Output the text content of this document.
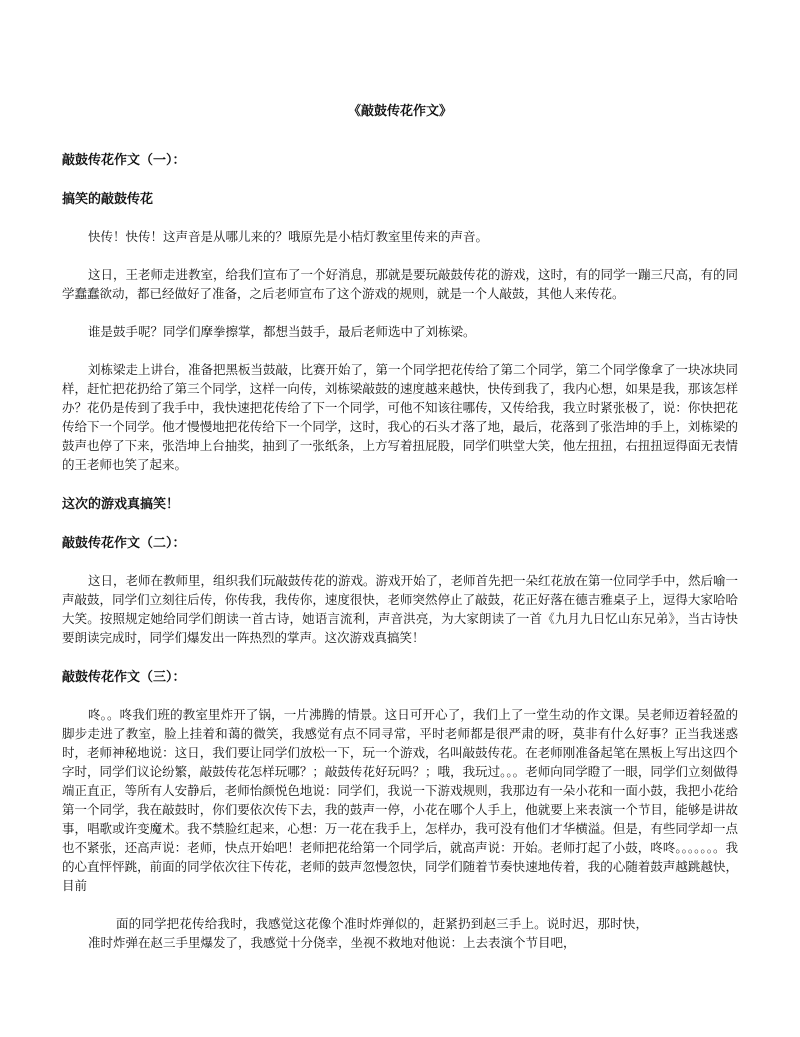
《敲鼓传花作文》
敲鼓传花作文（一）：
搞笑的敲鼓传花

快传！快传！这声音是从哪儿来的？哦原先是小桔灯教室里传来的声音。

这日，王老师走进教室，给我们宣布了一个好消息，那就是要玩敲鼓传花的游戏，这时，有的同学一蹦三尺高，有的同学蠢蠢欲动，都已经做好了准备，之后老师宣布了这个游戏的规则，就是一个人敲鼓，其他人来传花。

谁是鼓手呢？同学们摩拳擦掌，都想当鼓手，最后老师选中了刘栋梁。

刘栋梁走上讲台，准备把黑板当鼓敲，比赛开始了，第一个同学把花传给了第二个同学，第二个同学像拿了一块冰块同样，赶忙把花扔给了第三个同学，这样一向传，刘栋梁敲鼓的速度越来越快，快传到我了，我内心想，如果是我，那该怎样办？花仍是传到了我手中，我快速把花传给了下一个同学，可他不知该往哪传，又传给我，我立时紧张极了，说：你快把花传给下一个同学。他才慢慢地把花传给下一个同学，这时，我心的石头才落了地，最后，花落到了张浩坤的手上，刘栋梁的鼓声也停了下来，张浩坤上台抽奖，抽到了一张纸条，上方写着扭屁股，同学们哄堂大笑，他左扭扭，右扭扭逗得面无表情的王老师也笑了起来。

这次的游戏真搞笑！
敲鼓传花作文（二）：

这日，老师在教师里，组织我们玩敲鼓传花的游戏。游戏开始了，老师首先把一朵红花放在第一位同学手中，然后喻一声敲鼓，同学们立刻往后传，你传我，我传你，速度很快，老师突然停止了敲鼓，花正好落在德吉雅桌子上，逗得大家哈哈大笑。按照规定她给同学们朗读一首古诗，她语言流利，声音洪亮，为大家朗读了一首《九月九日忆山东兄弟》，当古诗快要朗读完成时，同学们爆发出一阵热烈的掌声。这次游戏真搞笑！

敲鼓传花作文（三）：

咚。。咚我们班的教室里炸开了锅，一片沸腾的情景。这日可开心了，我们上了一堂生动的作文课。吴老师迈着轻盈的脚步走进了教室，脸上挂着和蔼的微笑，我感觉有点不同寻常，平时老师都是很严肃的呀，莫非有什么好事？正当我迷惑时，老师神秘地说：这日，我们要让同学们放松一下，玩一个游戏，名叫敲鼓传花。在老师刚准备起笔在黑板上写出这四个字时，同学们议论纷繁，敲鼓传花怎样玩哪？；敲鼓传花好玩吗？；哦，我玩过。。。老师向同学瞪了一眼，同学们立刻做得端正直正，等所有人安静后，老师怡颜悦色地说：同学们，我说一下游戏规则，我那边有一朵小花和一面小鼓，我把小花给第一个同学，我在敲鼓时，你们要依次传下去，我的鼓声一停，小花在哪个人手上，他就要上来表演一个节目，能够是讲故事，唱歌或许变魔术。我不禁脸红起来，心想：万一花在我手上，怎样办，我可没有他们才华横溢。但是，有些同学却一点也不紧张，还高声说：老师，快点开始吧！老师把花给第一个同学后，就高声说：开始。老师打起了小鼓，咚咚。。。。。。。我的心直怦怦跳，前面的同学依次往下传花，老师的鼓声忽慢忽快，同学们随着节奏快速地传着，我的心随着鼓声越跳越快，目前

面的同学把花传给我时，我感觉这花像个准时炸弹似的，赶紧扔到赵三手上。说时迟，那时快，准时炸弹在赵三手里爆发了，我感觉十分侥幸，坐视不救地对他说：上去表演个节目吧，
